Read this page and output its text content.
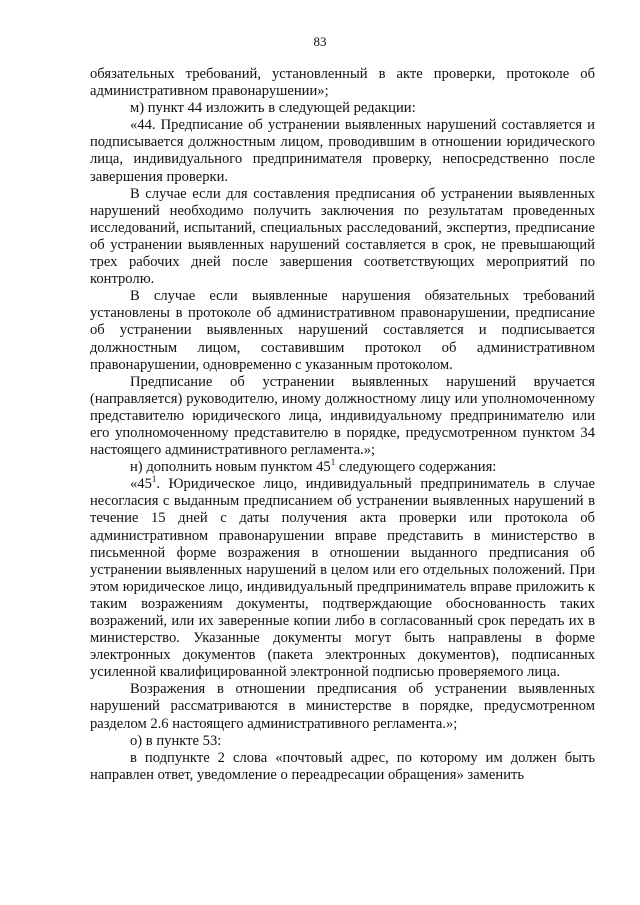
83

обязательных требований, установленный в акте проверки, протоколе об административном правонарушении»;

м) пункт 44 изложить в следующей редакции:

«44. Предписание об устранении выявленных нарушений составляется и подписывается должностным лицом, проводившим в отношении юридического лица, индивидуального предпринимателя проверку, непосредственно после завершения проверки.

В случае если для составления предписания об устранении выявленных нарушений необходимо получить заключения по результатам проведенных исследований, испытаний, специальных расследований, экспертиз, предписание об устранении выявленных нарушений составляется в срок, не превышающий трех рабочих дней после завершения соответствующих мероприятий по контролю.

В случае если выявленные нарушения обязательных требований установлены в протоколе об административном правонарушении, предписание об устранении выявленных нарушений составляется и подписывается должностным лицом, составившим протокол об административном правонарушении, одновременно с указанным протоколом.

Предписание об устранении выявленных нарушений вручается (направляется) руководителю, иному должностному лицу или уполномоченному представителю юридического лица, индивидуальному предпринимателю или его уполномоченному представителю в порядке, предусмотренном пунктом 34 настоящего административного регламента.»;

н) дополнить новым пунктом $45^1$ следующего содержания:

«$45^1$. Юридическое лицо, индивидуальный предприниматель в случае несогласия с выданным предписанием об устранении выявленных нарушений в течение 15 дней с даты получения акта проверки или протокола об административном правонарушении вправе представить в министерство в письменной форме возражения в отношении выданного предписания об устранении выявленных нарушений в целом или его отдельных положений. При этом юридическое лицо, индивидуальный предприниматель вправе приложить к таким возражениям документы, подтверждающие обоснованность таких возражений, или их заверенные копии либо в согласованный срок передать их в министерство. Указанные документы могут быть направлены в форме электронных документов (пакета электронных документов), подписанных усиленной квалифицированной электронной подписью проверяемого лица.

Возражения в отношении предписания об устранении выявленных нарушений рассматриваются в министерстве в порядке, предусмотренном разделом 2.6 настоящего административного регламента.»;

о) в пункте 53:

в подпункте 2 слова «почтовый адрес, по которому им должен быть направлен ответ, уведомление о переадресации обращения» заменить
